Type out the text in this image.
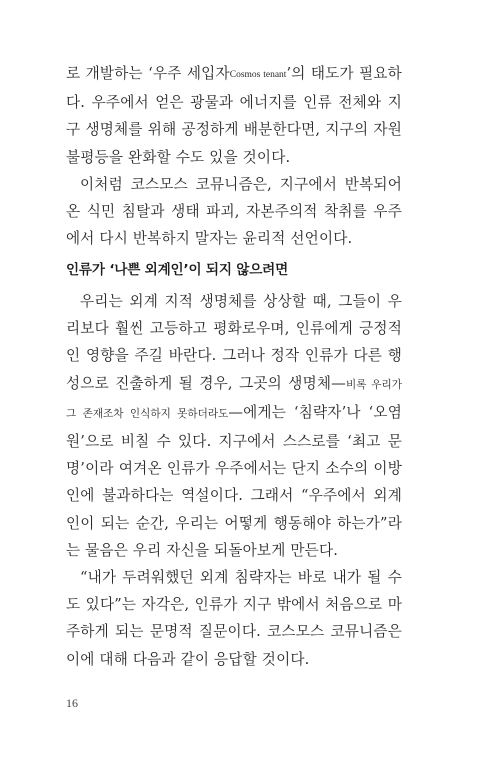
로 개발하는 ‘우주 세입자Cosmos tenant’의 태도가 필요하다. 우주에서 얻은 광물과 에너지를 인류 전체와 지구 생명체를 위해 공정하게 배분한다면, 지구의 자원 불평등을 완화할 수도 있을 것이다.

이처럼 코스모스 코뮤니즘은, 지구에서 반복되어 온 식민 침탈과 생태 파괴, 자본주의적 착취를 우주에서 다시 반복하지 말자는 윤리적 선언이다.

인류가 ‘나쁜 외계인’이 되지 않으려면

우리는 외계 지적 생명체를 상상할 때, 그들이 우리보다 훨씬 고등하고 평화로우며, 인류에게 긍정적인 영향을 주길 바란다. 그러나 정작 인류가 다른 행성으로 진출하게 될 경우, 그곳의 생명체—비록 우리가 그 존재조차 인식하지 못하더라도—에게는 ‘침략자’나 ‘오염원’으로 비칠 수 있다. 지구에서 스스로를 ‘최고 문명’이라 여겨온 인류가 우주에서는 단지 소수의 이방인에 불과하다는 역설이다. 그래서 “우주에서 외계인이 되는 순간, 우리는 어떻게 행동해야 하는가”라는 물음은 우리 자신을 되돌아보게 만든다.

“내가 두려워했던 외계 침략자는 바로 내가 될 수도 있다”는 자각은, 인류가 지구 밖에서 처음으로 마주하게 되는 문명적 질문이다. 코스모스 코뮤니즘은 이에 대해 다음과 같이 응답할 것이다.

16
